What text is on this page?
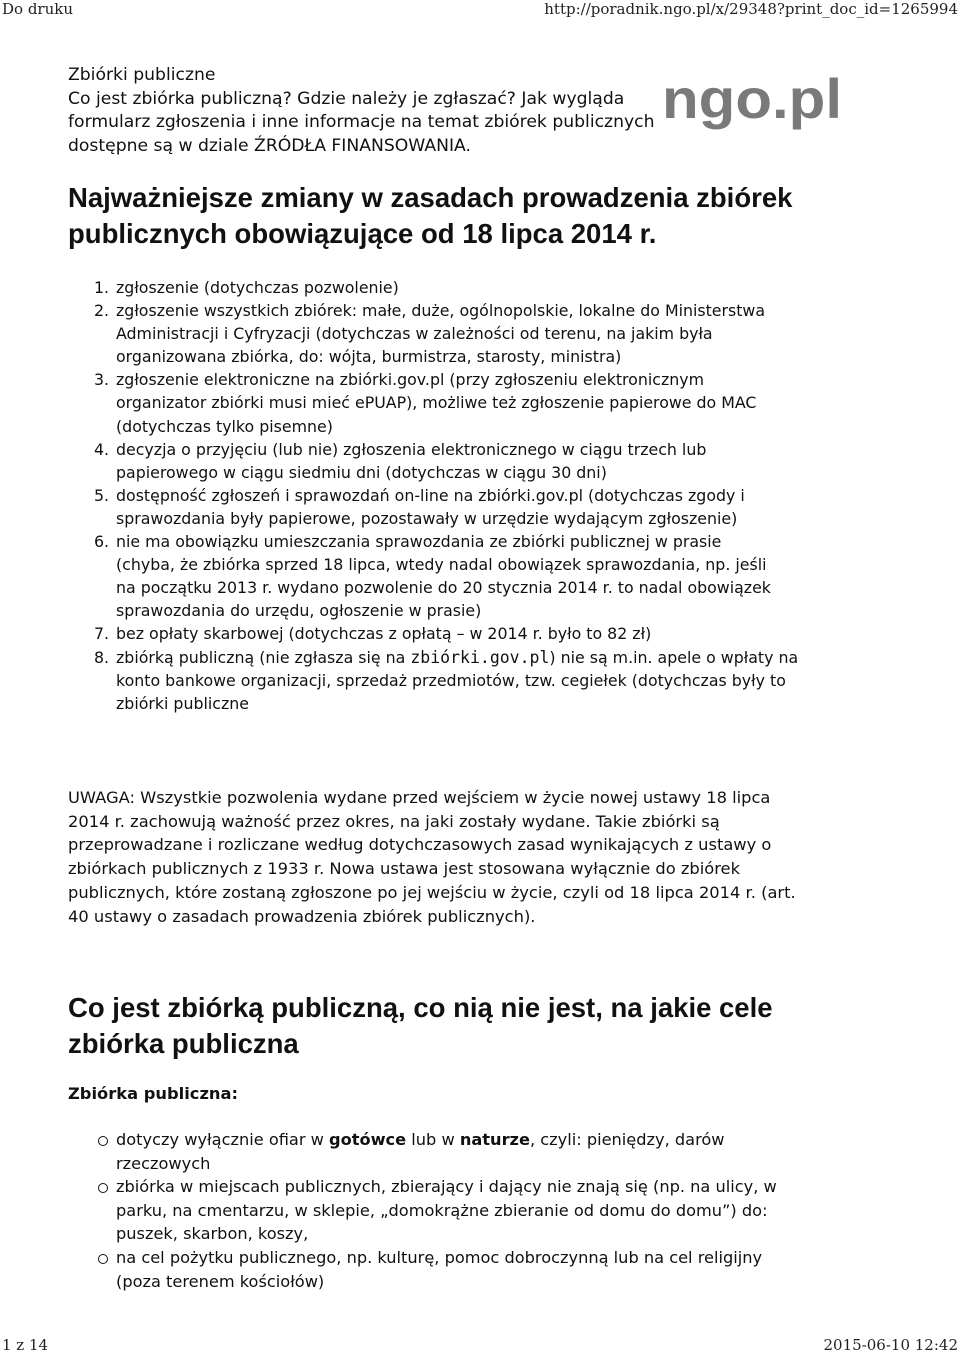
Do druku	http://poradnik.ngo.pl/x/29348?print_doc_id=1265994
Zbiórki publiczne
Co jest zbiórka publiczną? Gdzie należy je zgłaszać? Jak wygląda
formularz zgłoszenia i inne informacje na temat zbiórek publicznych
dostępne są w dziale ŹRÓDŁA FINANSOWANIA.
ngo.pl
Najważniejsze zmiany w zasadach prowadzenia zbiórek
publicznych obowiązujące od 18 lipca 2014 r.
1. zgłoszenie (dotychczas pozwolenie)
2. zgłoszenie wszystkich zbiórek: małe, duże, ogólnopolskie, lokalne do Ministerstwa
Administracji i Cyfryzacji (dotychczas w zależności od terenu, na jakim była
organizowana zbiórka, do: wójta, burmistrza, starosty, ministra)
3. zgłoszenie elektroniczne na zbiórki.gov.pl (przy zgłoszeniu elektronicznym
organizator zbiórki musi mieć ePUAP), możliwe też zgłoszenie papierowe do MAC
(dotychczas tylko pisemne)
4. decyzja o przyjęciu (lub nie) zgłoszenia elektronicznego w ciągu trzech lub
papierowego w ciągu siedmiu dni (dotychczas w ciągu 30 dni)
5. dostępność zgłoszeń i sprawozdań on-line na zbiórki.gov.pl (dotychczas zgody i
sprawozdania były papierowe, pozostawały w urzędzie wydającym zgłoszenie)
6. nie ma obowiązku umieszczania sprawozdania ze zbiórki publicznej w prasie
(chyba, że zbiórka sprzed 18 lipca, wtedy nadal obowiązek sprawozdania, np. jeśli
na początku 2013 r. wydano pozwolenie do 20 stycznia 2014 r. to nadal obowiązek
sprawozdania do urzędu, ogłoszenie w prasie)
7. bez opłaty skarbowej (dotychczas z opłatą – w 2014 r. było to 82 zł)
8. zbiórką publiczną (nie zgłasza się na zbiórki.gov.pl) nie są m.in. apele o wpłaty na
konto bankowe organizacji, sprzedaż przedmiotów, tzw. cegiełek (dotychczas były to
zbiórki publiczne
UWAGA: Wszystkie pozwolenia wydane przed wejściem w życie nowej ustawy 18 lipca
2014 r. zachowują ważność przez okres, na jaki zostały wydane. Takie zbiórki są
przeprowadzane i rozliczane według dotychczasowych zasad wynikających z ustawy o
zbiórkach publicznych z 1933 r. Nowa ustawa jest stosowana wyłącznie do zbiórek
publicznych, które zostaną zgłoszone po jej wejściu w życie, czyli od 18 lipca 2014 r. (art.
40 ustawy o zasadach prowadzenia zbiórek publicznych).
Co jest zbiórką publiczną, co nią nie jest, na jakie cele
zbiórka publiczna
Zbiórka publiczna:
dotyczy wyłącznie ofiar w gotówce lub w naturze, czyli: pieniędzy, darów
rzeczowych
zbiórka w miejscach publicznych, zbierający i dający nie znają się (np. na ulicy, w
parku, na cmentarzu, w sklepie, „domokrążne zbieranie od domu do domu”) do:
puszek, skarbon, koszy,
na cel pożytku publicznego, np. kulturę, pomoc dobroczynną lub na cel religijny
(poza terenem kościołów)
1 z 14	2015-06-10 12:42
